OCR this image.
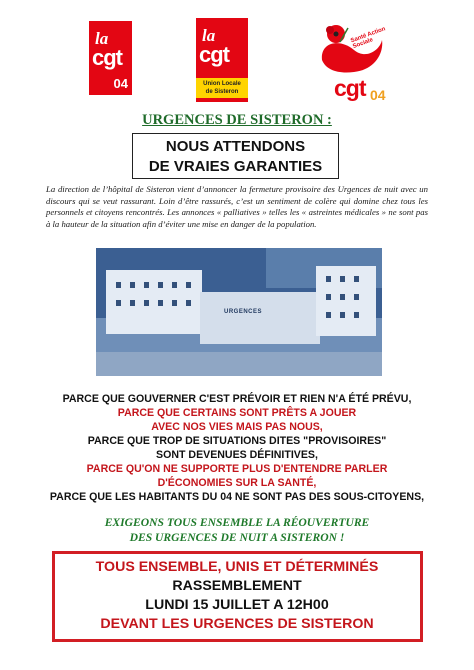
la
cgt
04
la
cgt
Union Locale
de Sisteron
Santé Action Sociale
cgt 04
URGENCES DE SISTERON :
NOUS ATTENDONS
DE VRAIES GARANTIES

La direction de l’hôpital de Sisteron vient d’annoncer la fermeture provisoire des Urgences de nuit avec un discours qui se veut rassurant. Loin d’être rassurés, c’est un sentiment de colère qui domine chez tous les personnels et citoyens rencontrés. Les annonces « palliatives » telles les « astreintes médicales » ne sont pas à la hauteur de la situation afin d’éviter une mise en danger de la population.

URGENCES
PARCE QUE GOUVERNER C'EST PRÉVOIR ET RIEN N'A ÉTÉ PRÉVU,
PARCE QUE CERTAINS SONT PRÊTS A JOUER
AVEC NOS VIES MAIS PAS NOUS,
PARCE QUE TROP DE SITUATIONS DITES "PROVISOIRES"
SONT DEVENUES DÉFINITIVES,
PARCE QU'ON NE SUPPORTE PLUS D'ENTENDRE PARLER
D'ÉCONOMIES SUR LA SANTÉ,
PARCE QUE LES HABITANTS DU 04 NE SONT PAS DES SOUS-CITOYENS,
EXIGEONS TOUS ENSEMBLE LA RÉOUVERTURE
DES URGENCES DE NUIT A SISTERON !
TOUS ENSEMBLE, UNIS ET DÉTERMINÉS
RASSEMBLEMENT
LUNDI 15 JUILLET A 12H00
DEVANT LES URGENCES DE SISTERON
